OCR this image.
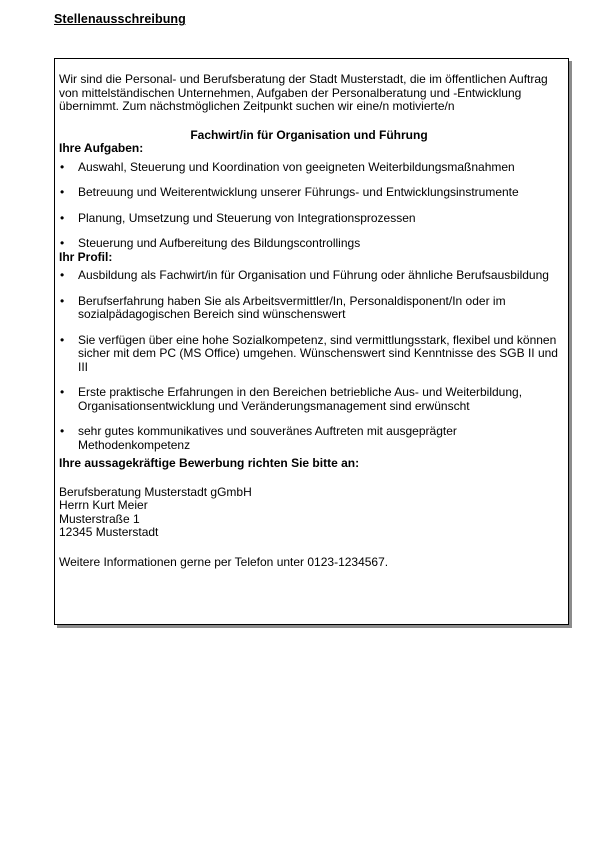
Stellenausschreibung

Wir sind die Personal- und Berufsberatung der Stadt Musterstadt, die im öffentlichen Auftrag von mittelständischen Unternehmen, Aufgaben der Personalberatung und -Entwicklung übernimmt. Zum nächstmöglichen Zeitpunkt suchen wir eine/n motivierte/n

Fachwirt/in für Organisation und Führung

Ihre Aufgaben:

• Auswahl, Steuerung und Koordination von geeigneten Weiterbildungsmaßnahmen
• Betreuung und Weiterentwicklung unserer Führungs- und Entwicklungsinstrumente
• Planung, Umsetzung und Steuerung von Integrationsprozessen
• Steuerung und Aufbereitung des Bildungscontrollings

Ihr Profil:

• Ausbildung als Fachwirt/in für Organisation und Führung oder ähnliche Berufsausbildung
• Berufserfahrung haben Sie als Arbeitsvermittler/In, Personaldisponent/In oder im sozialpädagogischen Bereich sind wünschenswert
• Sie verfügen über eine hohe Sozialkompetenz, sind vermittlungsstark, flexibel und können sicher mit dem PC (MS Office) umgehen. Wünschenswert sind Kenntnisse des SGB II und III
• Erste praktische Erfahrungen in den Bereichen betriebliche Aus- und Weiterbildung, Organisationsentwicklung und Veränderungsmanagement sind erwünscht
• sehr gutes kommunikatives und souveränes Auftreten mit ausgeprägter Methodenkompetenz

Ihre aussagekräftige Bewerbung richten Sie bitte an:

Berufsberatung Musterstadt gGmbH
Herrn Kurt Meier
Musterstraße 1
12345 Musterstadt

Weitere Informationen gerne per Telefon unter 0123-1234567.
